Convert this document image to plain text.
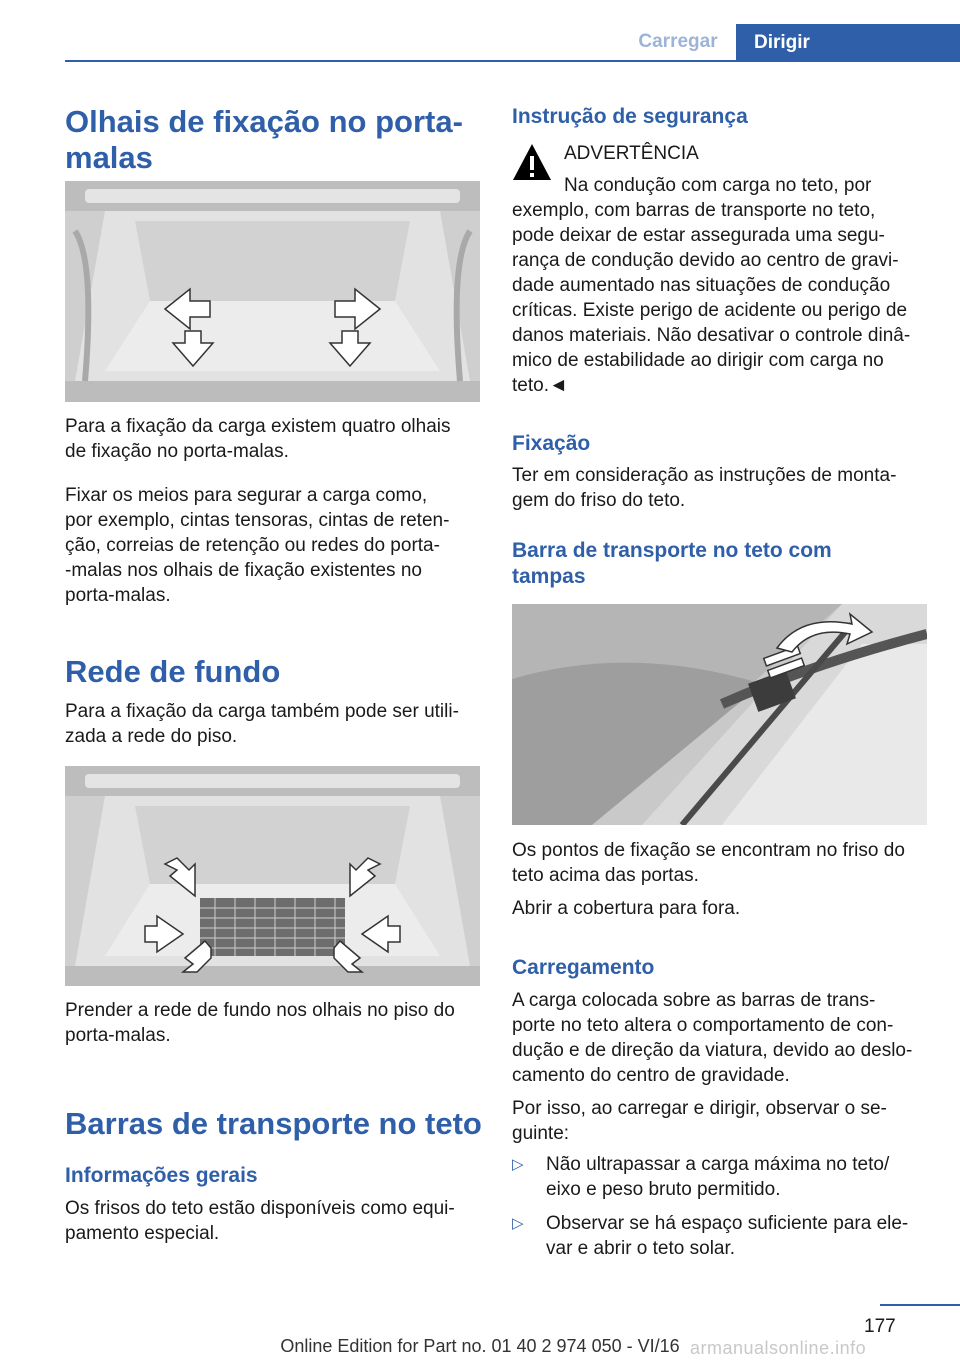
Carregar	Dirigir
Olhais de fixação no porta-
malas
Para a fixação da carga existem quatro olhais
de fixação no porta-malas.
Fixar os meios para segurar a carga como,
por exemplo, cintas tensoras, cintas de reten‐
ção, correias de retenção ou redes do porta-
-malas nos olhais de fixação existentes no
porta-malas.
Rede de fundo
Para a fixação da carga também pode ser utili‐
zada a rede do piso.
Prender a rede de fundo nos olhais no piso do
porta-malas.
Barras de transporte no teto
Informações gerais
Os frisos do teto estão disponíveis como equi‐
pamento especial.
Instrução de segurança
ADVERTÊNCIA
Na condução com carga no teto, por
exemplo, com barras de transporte no teto,
pode deixar de estar assegurada uma segu‐
rança de condução devido ao centro de gravi‐
dade aumentado nas situações de condução
críticas. Existe perigo de acidente ou perigo de
danos materiais. Não desativar o controle dinâ‐
mico de estabilidade ao dirigir com carga no
teto.◄
Fixação
Ter em consideração as instruções de monta‐
gem do friso do teto.
Barra de transporte no teto com
tampas
Os pontos de fixação se encontram no friso do
teto acima das portas.
Abrir a cobertura para fora.
Carregamento
A carga colocada sobre as barras de trans‐
porte no teto altera o comportamento de con‐
dução e de direção da viatura, devido ao deslo‐
camento do centro de gravidade.
Por isso, ao carregar e dirigir, observar o se‐
guinte:
▷	Não ultrapassar a carga máxima no teto/
eixo e peso bruto permitido.
▷	Observar se há espaço suficiente para ele‐
var e abrir o teto solar.
177
Online Edition for Part no. 01 40 2 974 050 - VI/16 armanualsonline.info
